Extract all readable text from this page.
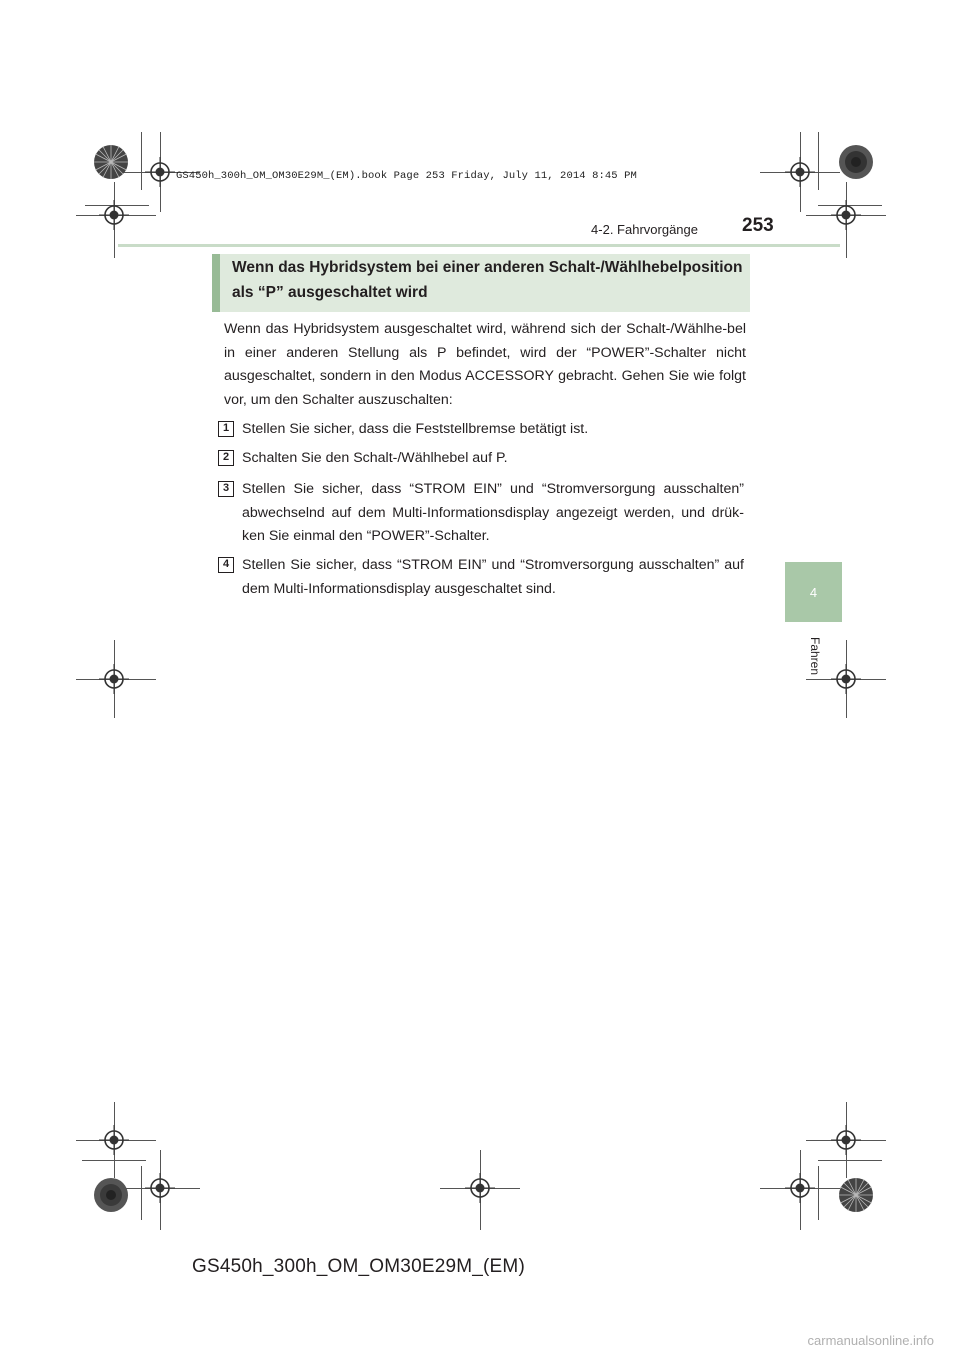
GS450h_300h_OM_OM30E29M_(EM).book Page 253 Friday, July 11, 2014 8:45 PM
4-2. Fahrvorgänge 253
4
Fahren
Wenn das Hybridsystem bei einer anderen Schalt-/Wählhebelposition
als “P” ausgeschaltet wird
Wenn das Hybridsystem ausgeschaltet wird, während sich der Schalt-/Wählhe-bel in einer anderen Stellung als P befindet, wird der “POWER”-Schalter nicht ausgeschaltet, sondern in den Modus ACCESSORY gebracht. Gehen Sie wie folgt vor, um den Schalter auszuschalten:
1 Stellen Sie sicher, dass die Feststellbremse betätigt ist.
2 Schalten Sie den Schalt-/Wählhebel auf P.
3 Stellen Sie sicher, dass “STROM EIN” und “Stromversorgung ausschalten” abwechselnd auf dem Multi-Informationsdisplay angezeigt werden, und drük-ken Sie einmal den “POWER”-Schalter.
4 Stellen Sie sicher, dass “STROM EIN” und “Stromversorgung ausschalten” auf dem Multi-Informationsdisplay ausgeschaltet sind.
GS450h_300h_OM_OM30E29M_(EM)
carmanualsonline.info
